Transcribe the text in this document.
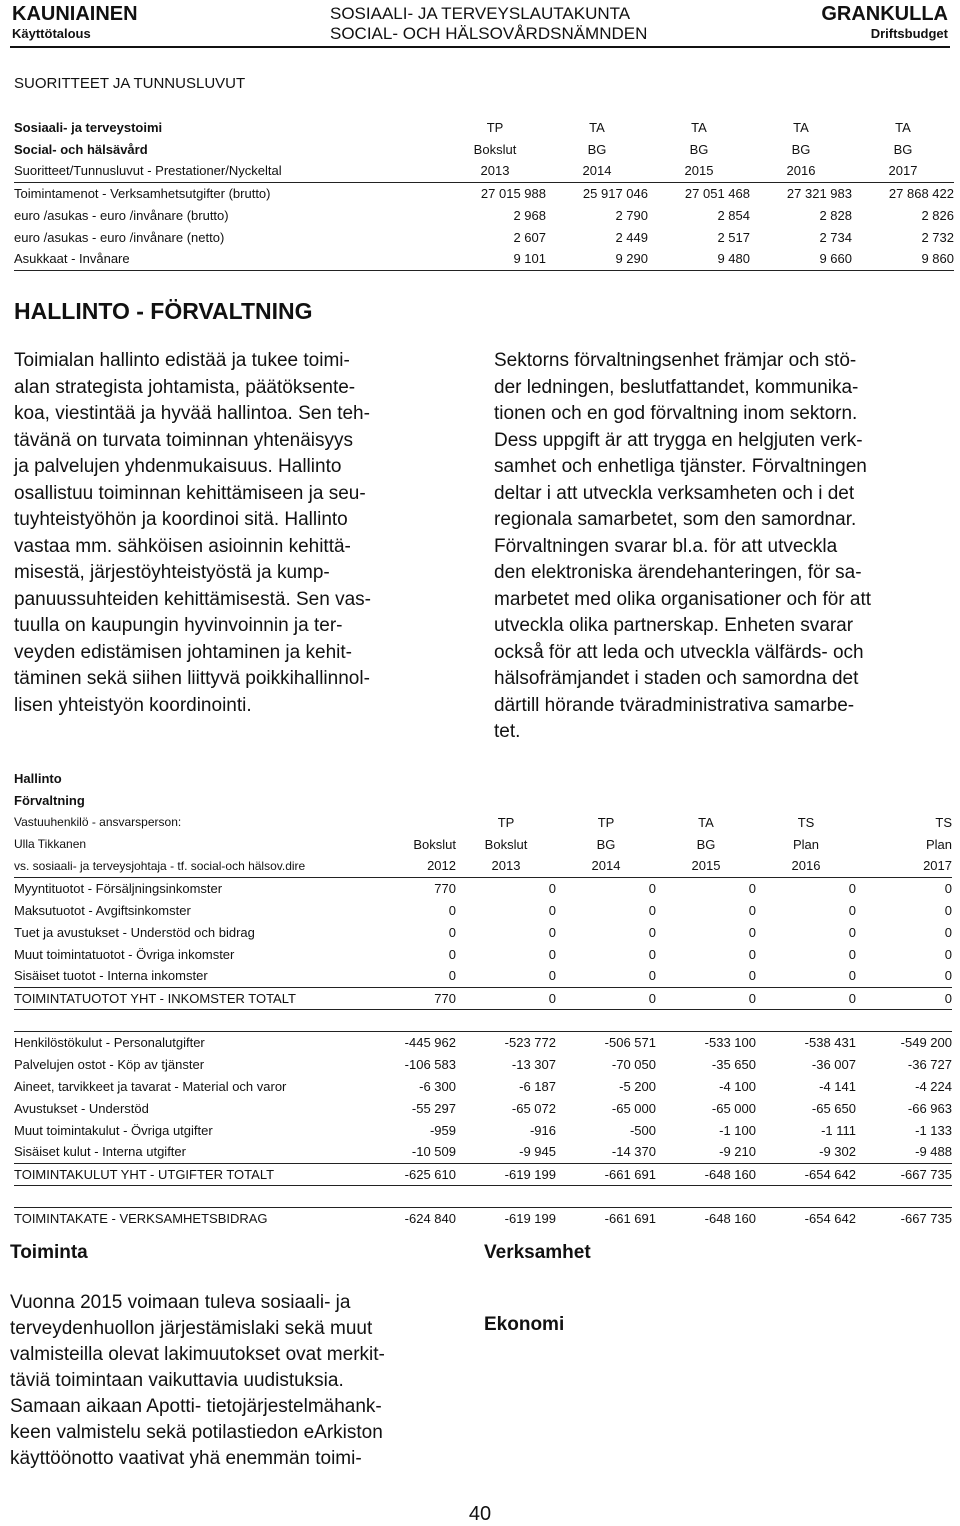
KAUNIAINEN
Käyttötalous
SOSIAALI- JA TERVEYSLAUTAKUNTA
SOCIAL- OCH HÄLSOVÅRDSNÄMNDEN
GRANKULLA
Driftsbudget
SUORITTEET JA TUNNUSLUVUT
Sosiaali- ja terveystoimi	TP	TA	TA	TA	TA
Social- och hälsävård	Bokslut	BG	BG	BG	BG
Suoritteet/Tunnusluvut - Prestationer/Nyckeltal	2013	2014	2015	2016	2017
Toimintamenot - Verksamhetsutgifter (brutto)	27 015 988	25 917 046	27 051 468	27 321 983	27 868 422
euro /asukas - euro /invånare (brutto)	2 968	2 790	2 854	2 828	2 826
euro /asukas - euro /invånare (netto)	2 607	2 449	2 517	2 734	2 732
Asukkaat - Invånare	9 101	9 290	9 480	9 660	9 860
HALLINTO - FÖRVALTNING
Toimialan hallinto edistää ja tukee toimi-
alan strategista johtamista, päätöksente-
koa, viestintää ja hyvää hallintoa. Sen teh-
tävänä on turvata toiminnan yhtenäisyys
ja palvelujen yhdenmukaisuus. Hallinto
osallistuu toiminnan kehittämiseen ja seu-
tuyhteistyöhön ja koordinoi sitä. Hallinto
vastaa mm. sähköisen asioinnin kehittä-
misestä, järjestöyhteistyöstä ja kump-
panuussuhteiden kehittämisestä. Sen vas-
tuulla on kaupungin hyvinvoinnin ja ter-
veyden edistämisen johtaminen ja kehit-
täminen sekä siihen liittyvä poikkihallinnol-
lisen yhteistyön koordinointi.
Sektorns förvaltningsenhet främjar och stö-
der ledningen, beslutfattandet, kommunika-
tionen och en god förvaltning inom sektorn.
Dess uppgift är att trygga en helgjuten verk-
samhet och enhetliga tjänster. Förvaltningen
deltar i att utveckla verksamheten och i det
regionala samarbetet, som den samordnar.
Förvaltningen svarar bl.a. för att utveckla
den elektroniska ärendehanteringen, för sa-
marbetet med olika organisationer och för att
utveckla olika partnerskap. Enheten svarar
också för att leda och utveckla välfärds- och
hälsofrämjandet i staden och samordna det
därtill hörande tväradministrativa samarbe-
tet.
Hallinto						
Förvaltning						
Vastuuhenkilö - ansvarsperson:		TP	TP	TA	TS	TS
Ulla Tikkanen	Bokslut	Bokslut	BG	BG	Plan	Plan
vs. sosiaali- ja terveysjohtaja - tf. social-och hälsov.dire	2012	2013	2014	2015	2016	2017
Myyntituotot - Försäljningsinkomster	770	0	0	0	0	0
Maksutuotot - Avgiftsinkomster	0	0	0	0	0	0
Tuet ja avustukset - Understöd och bidrag	0	0	0	0	0	0
Muut toimintatuotot - Övriga inkomster	0	0	0	0	0	0
Sisäiset tuotot - Interna inkomster	0	0	0	0	0	0
TOIMINTATUOTOT YHT - INKOMSTER TOTALT	770	0	0	0	0	0

Henkilöstökulut - Personalutgifter	-445 962	-523 772	-506 571	-533 100	-538 431	-549 200
Palvelujen ostot - Köp av tjänster	-106 583	-13 307	-70 050	-35 650	-36 007	-36 727
Aineet, tarvikkeet ja tavarat - Material och varor	-6 300	-6 187	-5 200	-4 100	-4 141	-4 224
Avustukset - Understöd	-55 297	-65 072	-65 000	-65 000	-65 650	-66 963
Muut toimintakulut - Övriga utgifter	-959	-916	-500	-1 100	-1 111	-1 133
Sisäiset kulut - Interna utgifter	-10 509	-9 945	-14 370	-9 210	-9 302	-9 488
TOIMINTAKULUT YHT - UTGIFTER TOTALT	-625 610	-619 199	-661 691	-648 160	-654 642	-667 735

TOIMINTAKATE - VERKSAMHETSBIDRAG	-624 840	-619 199	-661 691	-648 160	-654 642	-667 735
Toiminta	Verksamhet
Ekonomi
Vuonna 2015 voimaan tuleva sosiaali- ja
terveydenhuollon järjestämislaki sekä muut
valmisteilla olevat lakimuutokset ovat merkit-
täviä toimintaan vaikuttavia uudistuksia.
Samaan aikaan Apotti- tietojärjestelmähank-
keen valmistelu sekä potilastiedon eArkiston
käyttöönotto vaativat yhä enemmän toimi-
40
